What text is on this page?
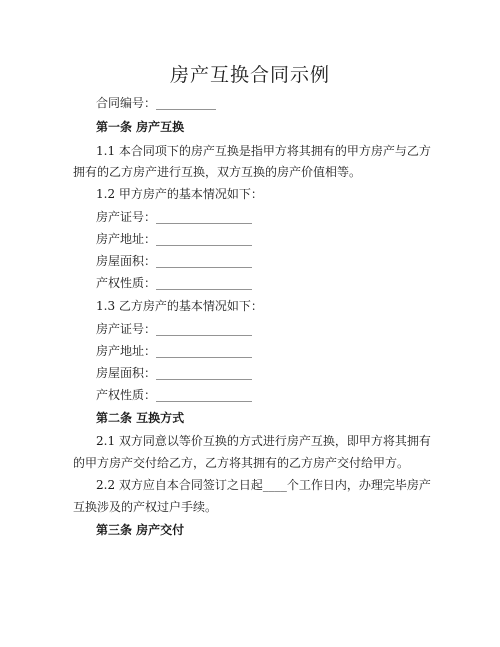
房产互换合同示例
合同编号：__________
第一条 房产互换
1.1 本合同项下的房产互换是指甲方将其拥有的甲方房产与乙方
拥有的乙方房产进行互换，双方互换的房产价值相等。
1.2 甲方房产的基本情况如下：
房产证号：________________
房产地址：________________
房屋面积：________________
产权性质：________________
1.3 乙方房产的基本情况如下：
房产证号：________________
房产地址：________________
房屋面积：________________
产权性质：________________
第二条 互换方式
2.1 双方同意以等价互换的方式进行房产互换，即甲方将其拥有
的甲方房产交付给乙方，乙方将其拥有的乙方房产交付给甲方。
2.2 双方应自本合同签订之日起____个工作日内，办理完毕房产
互换涉及的产权过户手续。
第三条 房产交付
